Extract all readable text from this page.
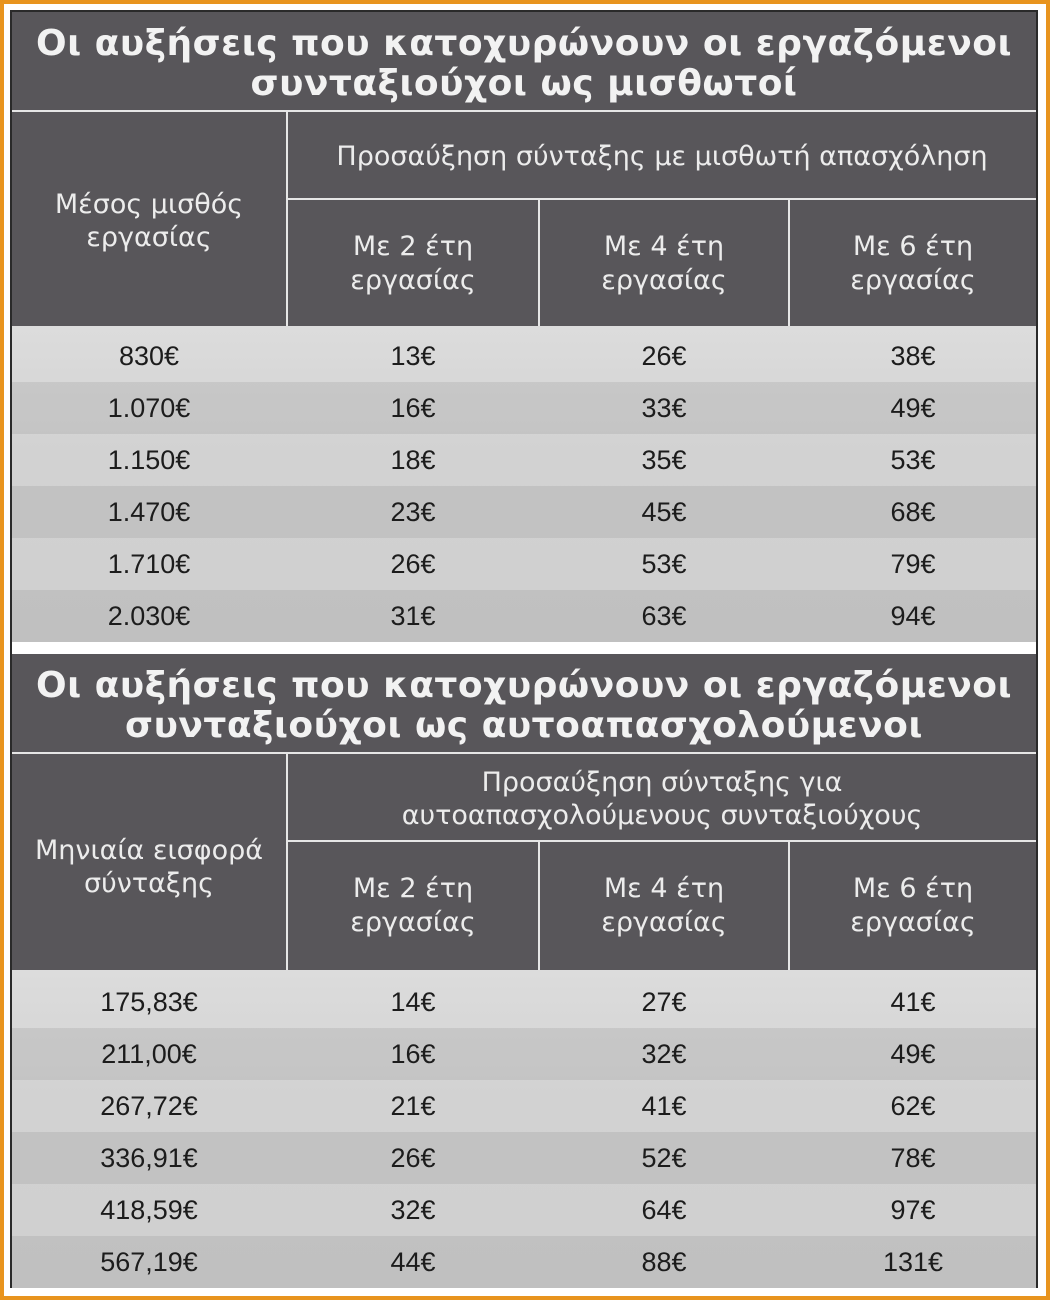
Οι αυξήσεις που κατοχυρώνουν οι εργαζόμενοι
συνταξιούχοι ως μισθωτοί
Μέσος μισθός
εργασίας
Προσαύξηση σύνταξης με μισθωτή απασχόληση
Με 2 έτη
εργασίας
Με 4 έτη
εργασίας
Με 6 έτη
εργασίας
830€	13€	26€	38€
1.070€	16€	33€	49€
1.150€	18€	35€	53€
1.470€	23€	45€	68€
1.710€	26€	53€	79€
2.030€	31€	63€	94€
Οι αυξήσεις που κατοχυρώνουν οι εργαζόμενοι
συνταξιούχοι ως αυτοαπασχολούμενοι
Μηνιαία εισφορά
σύνταξης
Προσαύξηση σύνταξης για
αυτοαπασχολούμενους συνταξιούχους
Με 2 έτη
εργασίας
Με 4 έτη
εργασίας
Με 6 έτη
εργασίας
175,83€	14€	27€	41€
211,00€	16€	32€	49€
267,72€	21€	41€	62€
336,91€	26€	52€	78€
418,59€	32€	64€	97€
567,19€	44€	88€	131€
